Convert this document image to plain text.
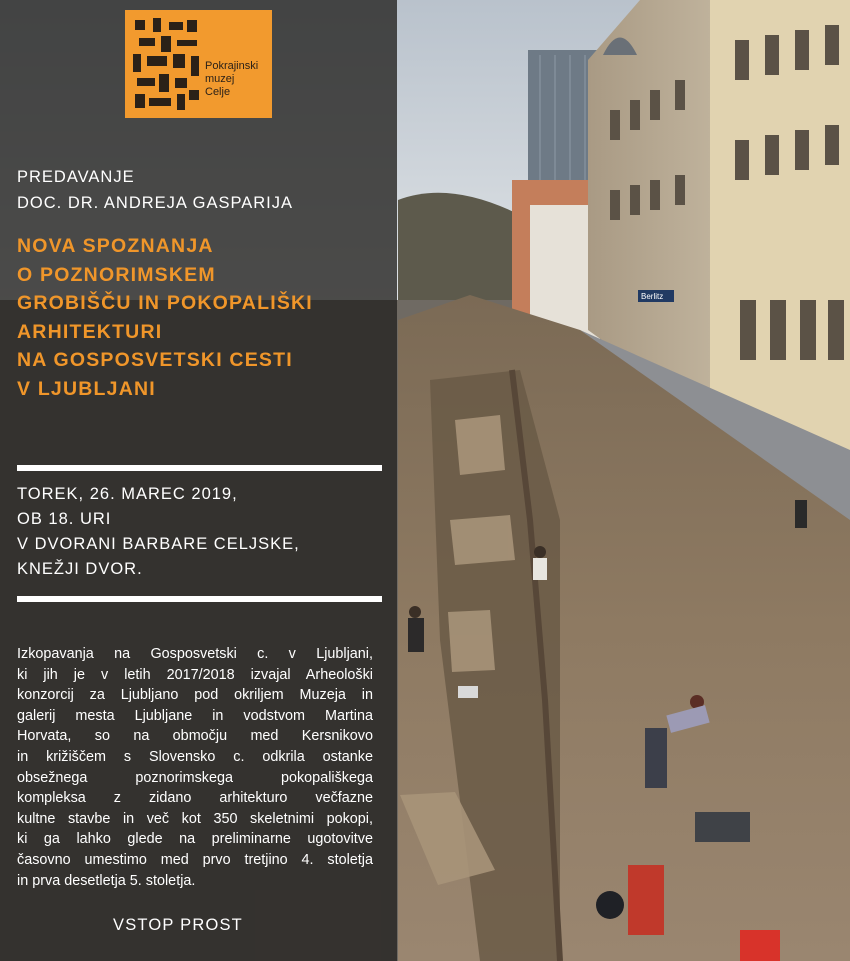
Berlitz
Pokrajinski
muzej
Celje
PREDAVANJE
DOC. DR. ANDREJA GASPARIJA
NOVA SPOZNANJA
O POZNORIMSKEM
GROBIŠČU IN POKOPALIŠKI
ARHITEKTURI
NA GOSPOSVETSKI CESTI
V LJUBLJANI
TOREK, 26. MAREC 2019,
OB 18. URI
V DVORANI BARBARE CELJSKE,
KNEŽJI DVOR.
Izkopavanja na Gosposvetski c. v Ljubljani,
ki jih je v letih 2017/2018 izvajal Arheološki
konzorcij za Ljubljano pod okriljem Muzeja in
galerij mesta Ljubljane in vodstvom Martina
Horvata, so na območju med Kersnikovo
in križiščem s Slovensko c. odkrila ostanke
obsežnega poznorimskega pokopališkega
kompleksa z zidano arhitekturo večfazne
kultne stavbe in več kot 350 skeletnimi pokopi,
ki ga lahko glede na preliminarne ugotovitve
časovno umestimo med prvo tretjino 4. stoletja
in prva desetletja 5. stoletja.
VSTOP PROST
